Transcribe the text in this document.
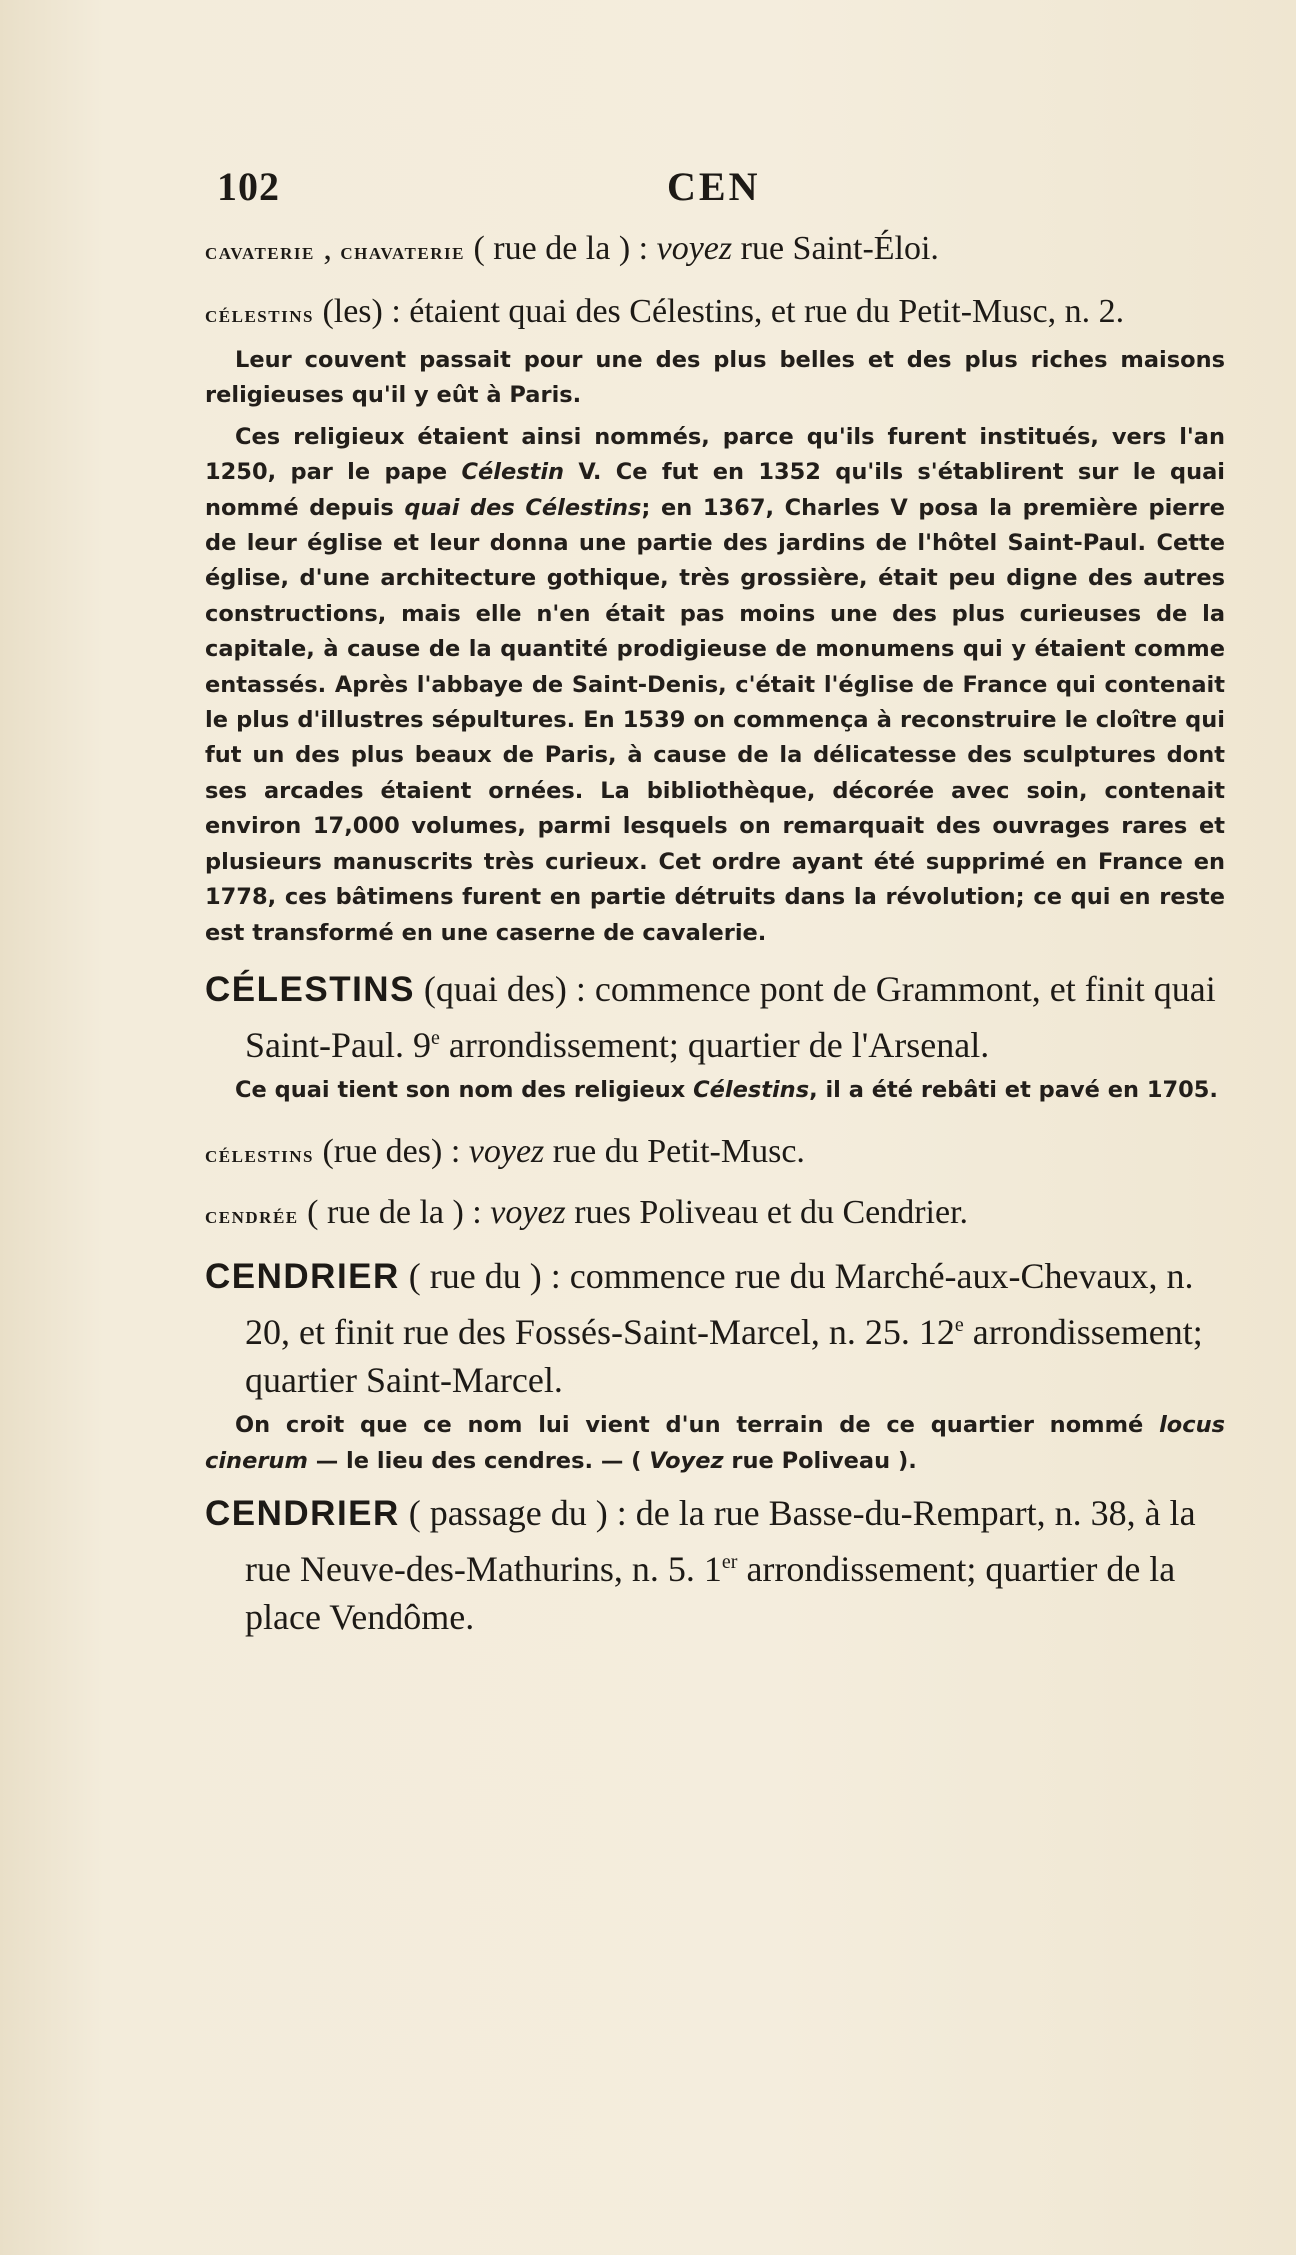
102	CEN

cavaterie , chavaterie ( rue de la ) : voyez rue Saint-Éloi.

célestins (les) : étaient quai des Célestins, et rue du Petit-Musc, n. 2.

Leur couvent passait pour une des plus belles et des plus riches maisons religieuses qu'il y eût à Paris.

Ces religieux étaient ainsi nommés, parce qu'ils furent institués, vers l'an 1250, par le pape Célestin V. Ce fut en 1352 qu'ils s'établirent sur le quai nommé depuis quai des Célestins; en 1367, Charles V posa la première pierre de leur église et leur donna une partie des jardins de l'hôtel Saint-Paul. Cette église, d'une architecture gothique, très grossière, était peu digne des autres constructions, mais elle n'en était pas moins une des plus curieuses de la capitale, à cause de la quantité prodigieuse de monumens qui y étaient comme entassés. Après l'abbaye de Saint-Denis, c'était l'église de France qui contenait le plus d'illustres sépultures. En 1539 on commença à reconstruire le cloître qui fut un des plus beaux de Paris, à cause de la délicatesse des sculptures dont ses arcades étaient ornées. La bibliothèque, décorée avec soin, contenait environ 17,000 volumes, parmi lesquels on remarquait des ouvrages rares et plusieurs manuscrits très curieux. Cet ordre ayant été supprimé en France en 1778, ces bâtimens furent en partie détruits dans la révolution; ce qui en reste est transformé en une caserne de cavalerie.

CÉLESTINS (quai des) : commence pont de Grammont, et finit quai Saint-Paul. 9e arrondissement; quartier de l'Arsenal.

Ce quai tient son nom des religieux Célestins, il a été rebâti et pavé en 1705.

célestins (rue des) : voyez rue du Petit-Musc.

cendrée ( rue de la ) : voyez rues Poliveau et du Cendrier.

CENDRIER ( rue du ) : commence rue du Marché-aux-Chevaux, n. 20, et finit rue des Fossés-Saint-Marcel, n. 25. 12e arrondissement; quartier Saint-Marcel.

On croit que ce nom lui vient d'un terrain de ce quartier nommé locus cinerum — le lieu des cendres. — ( Voyez rue Poliveau ).

CENDRIER ( passage du ) : de la rue Basse-du-Rempart, n. 38, à la rue Neuve-des-Mathurins, n. 5. 1er arrondissement; quartier de la place Vendôme.
